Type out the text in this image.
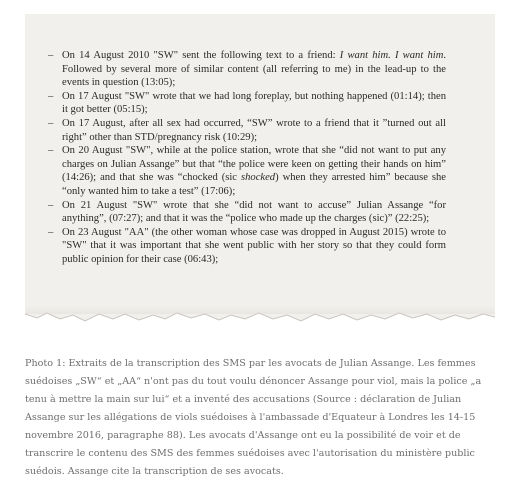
– On 14 August 2010 "SW" sent the following text to a friend: I want him. I want him. Followed by several more of similar content (all referring to me) in the lead-up to the events in question (13:05);
– On 17 August "SW" wrote that we had long foreplay, but nothing happened (01:14); then it got better (05:15);
– On 17 August, after all sex had occurred, “SW” wrote to a friend that it ”turned out all right” other than STD/pregnancy risk (10:29);
– On 20 August "SW", while at the police station, wrote that she “did not want to put any charges on Julian Assange” but that “the police were keen on getting their hands on him” (14:26); and that she was “chocked (sic shocked) when they arrested him” because she “only wanted him to take a test” (17:06);
– On 21 August "SW" wrote that she “did not want to accuse” Julian Assange “for anything”, (07:27); and that it was the “police who made up the charges (sic)” (22:25);
– On 23 August "AA" (the other woman whose case was dropped in August 2015) wrote to "SW" that it was important that she went public with her story so that they could form public opinion for their case (06:43);

Photo 1: Extraits de la transcription des SMS par les avocats de Julian Assange. Les femmes suédoises „SW“ et „AA“ n'ont pas du tout voulu dénoncer Assange pour viol, mais la police „a tenu à mettre la main sur lui“ et a inventé des accusations (Source : déclaration de Julian Assange sur les allégations de viols suédoises à l'ambassade d'Equateur à Londres les 14-15 novembre 2016, paragraphe 88). Les avocats d'Assange ont eu la possibilité de voir et de transcrire le contenu des SMS des femmes suédoises avec l'autorisation du ministère public suédois. Assange cite la transcription de ses avocats.
